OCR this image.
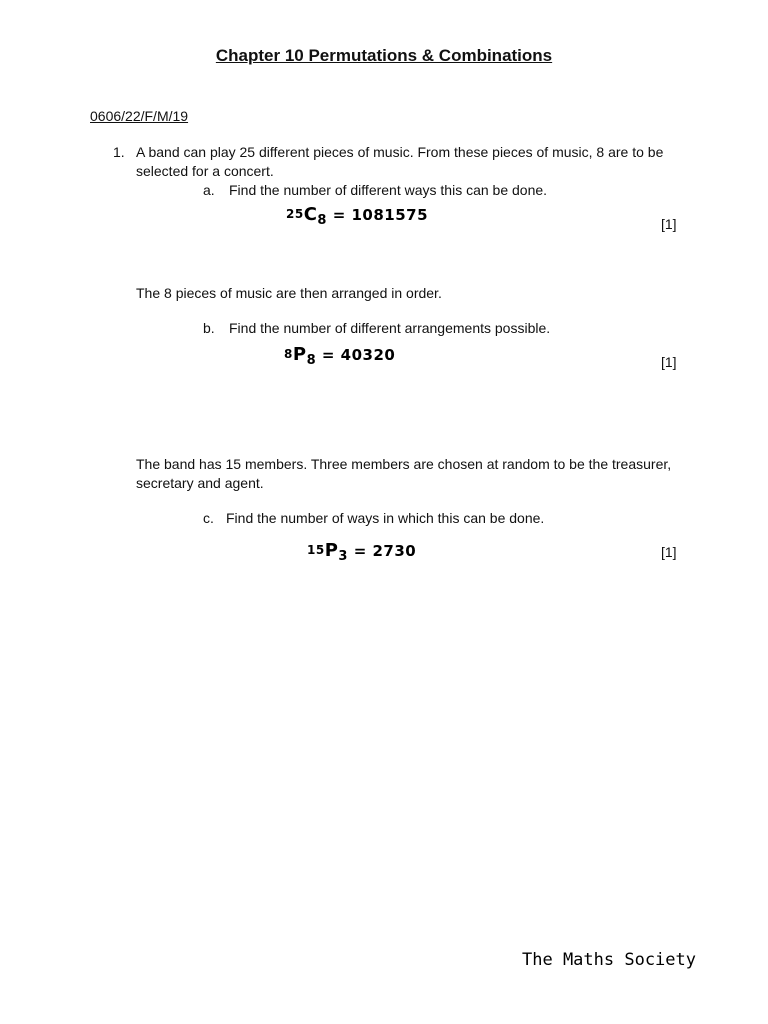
Chapter 10 Permutations & Combinations
0606/22/F/M/19
1. A band can play 25 different pieces of music. From these pieces of music, 8 are to be selected for a concert.
a. Find the number of different ways this can be done.
$^{25}C_8 = 1081575$	[1]
The 8 pieces of music are then arranged in order.
b. Find the number of different arrangements possible.
$^8P_8 = 40320$	[1]
The band has 15 members. Three members are chosen at random to be the treasurer, secretary and agent.
c. Find the number of ways in which this can be done.
$^{15}P_3 = 2730$	[1]
The Maths Society
